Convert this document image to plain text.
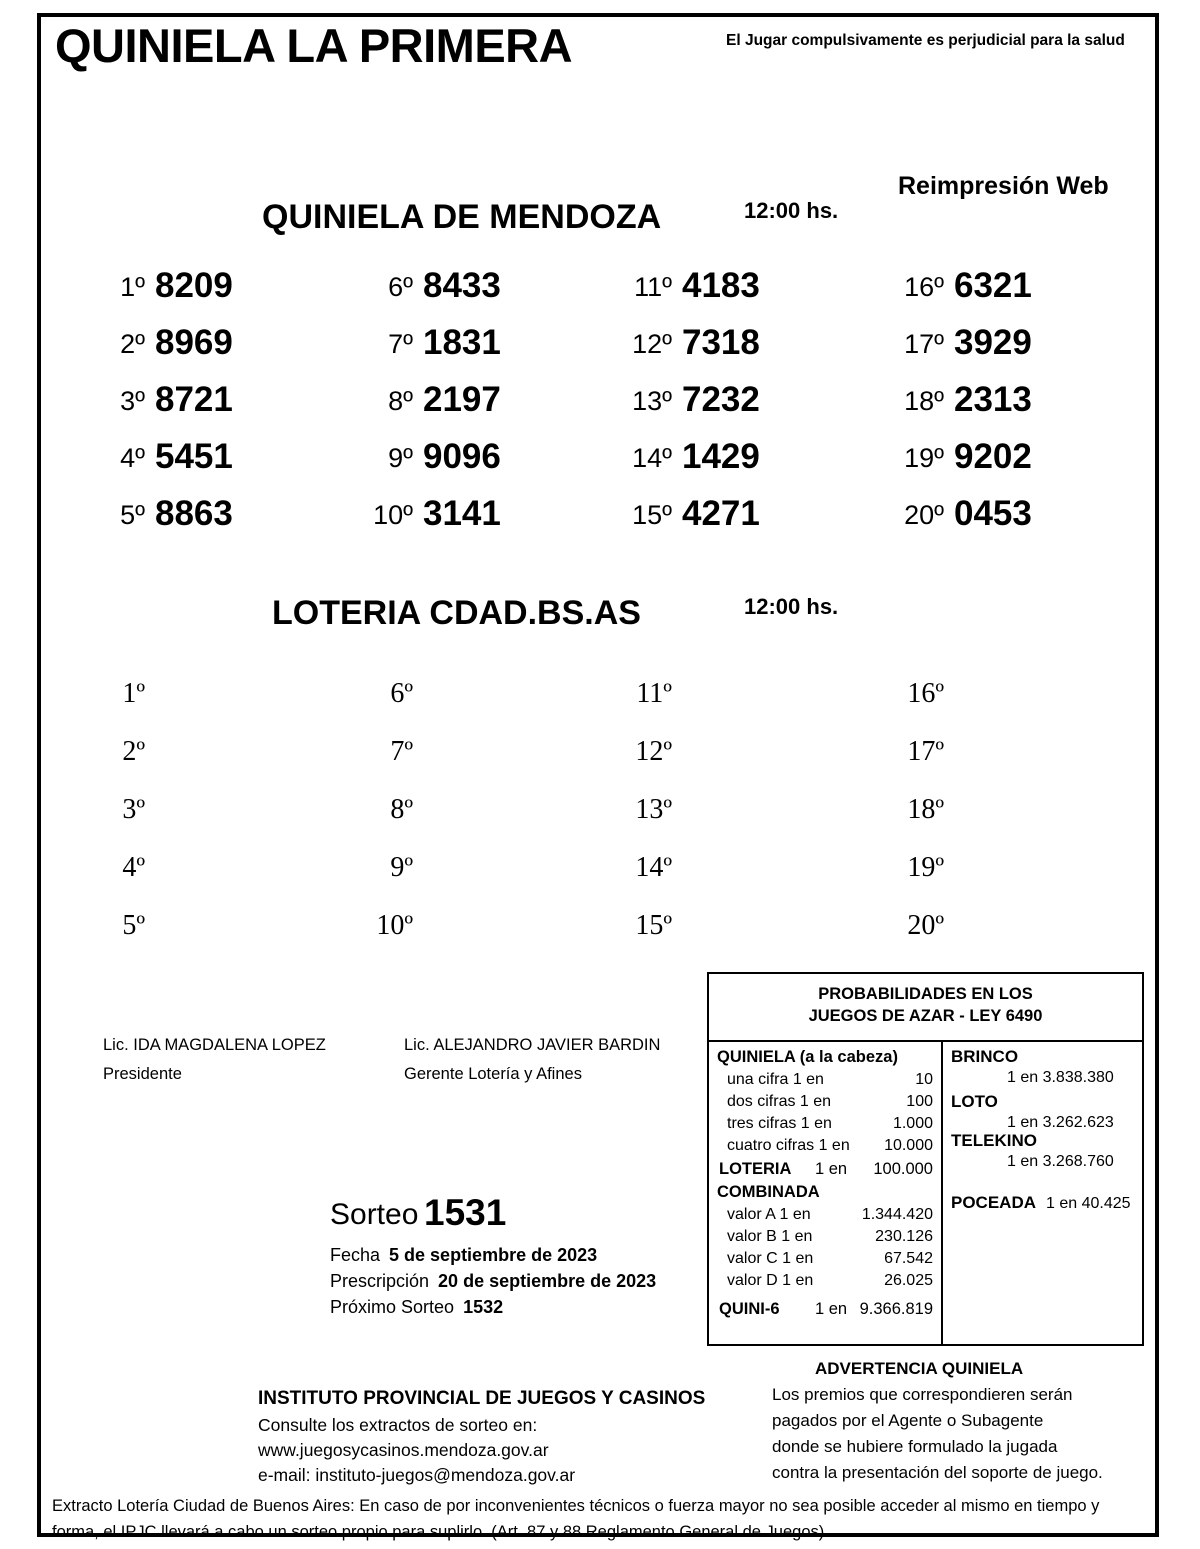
QUINIELA LA PRIMERA	El Jugar compulsivamente es perjudicial para la salud
Reimpresión Web
QUINIELA DE MENDOZA	12:00 hs.
1º 8209
2º 8969
3º 8721
4º 5451
5º 8863
6º 8433
7º 1831
8º 2197
9º 9096
10º 3141
11º 4183
12º 7318
13º 7232
14º 1429
15º 4271
16º 6321
17º 3929
18º 2313
19º 9202
20º 0453
LOTERIA CDAD.BS.AS	12:00 hs.
1º
2º
3º
4º
5º
6º
7º
8º
9º
10º
11º
12º
13º
14º
15º
16º
17º
18º
19º
20º
Lic. IDA MAGDALENA LOPEZ
Presidente
Lic. ALEJANDRO JAVIER BARDIN
Gerente Lotería y Afines
Sorteo 1531
Fecha 5 de septiembre de 2023
Prescripción 20 de septiembre de 2023
Próximo Sorteo 1532
PROBABILIDADES EN LOS
JUEGOS DE AZAR - LEY 6490
QUINIELA (a la cabeza)
una cifra 1 en	10
dos cifras 1 en	100
tres cifras 1 en	1.000
cuatro cifras 1 en 10.000
LOTERIA 1 en 100.000
COMBINADA
valor A 1 en	1.344.420
valor B 1 en	230.126
valor C 1 en	67.542
valor D 1 en	26.025
QUINI-6 1 en 9.366.819
BRINCO
1 en 3.838.380
LOTO
1 en 3.262.623
TELEKINO
1 en 3.268.760
POCEADA 1 en 40.425
ADVERTENCIA QUINIELA
Los premios que correspondieren serán
pagados por el Agente o Subagente
donde se hubiere formulado la jugada
contra la presentación del soporte de juego.
INSTITUTO PROVINCIAL DE JUEGOS Y CASINOS
Consulte los extractos de sorteo en:
www.juegosycasinos.mendoza.gov.ar
e-mail: instituto-juegos@mendoza.gov.ar
Extracto Lotería Ciudad de Buenos Aires: En caso de por inconvenientes técnicos o fuerza mayor no sea posible acceder al mismo en tiempo y
forma, el IPJC llevará a cabo un sorteo propio para suplirlo. (Art. 87 y 88 Reglamento General de Juegos)
